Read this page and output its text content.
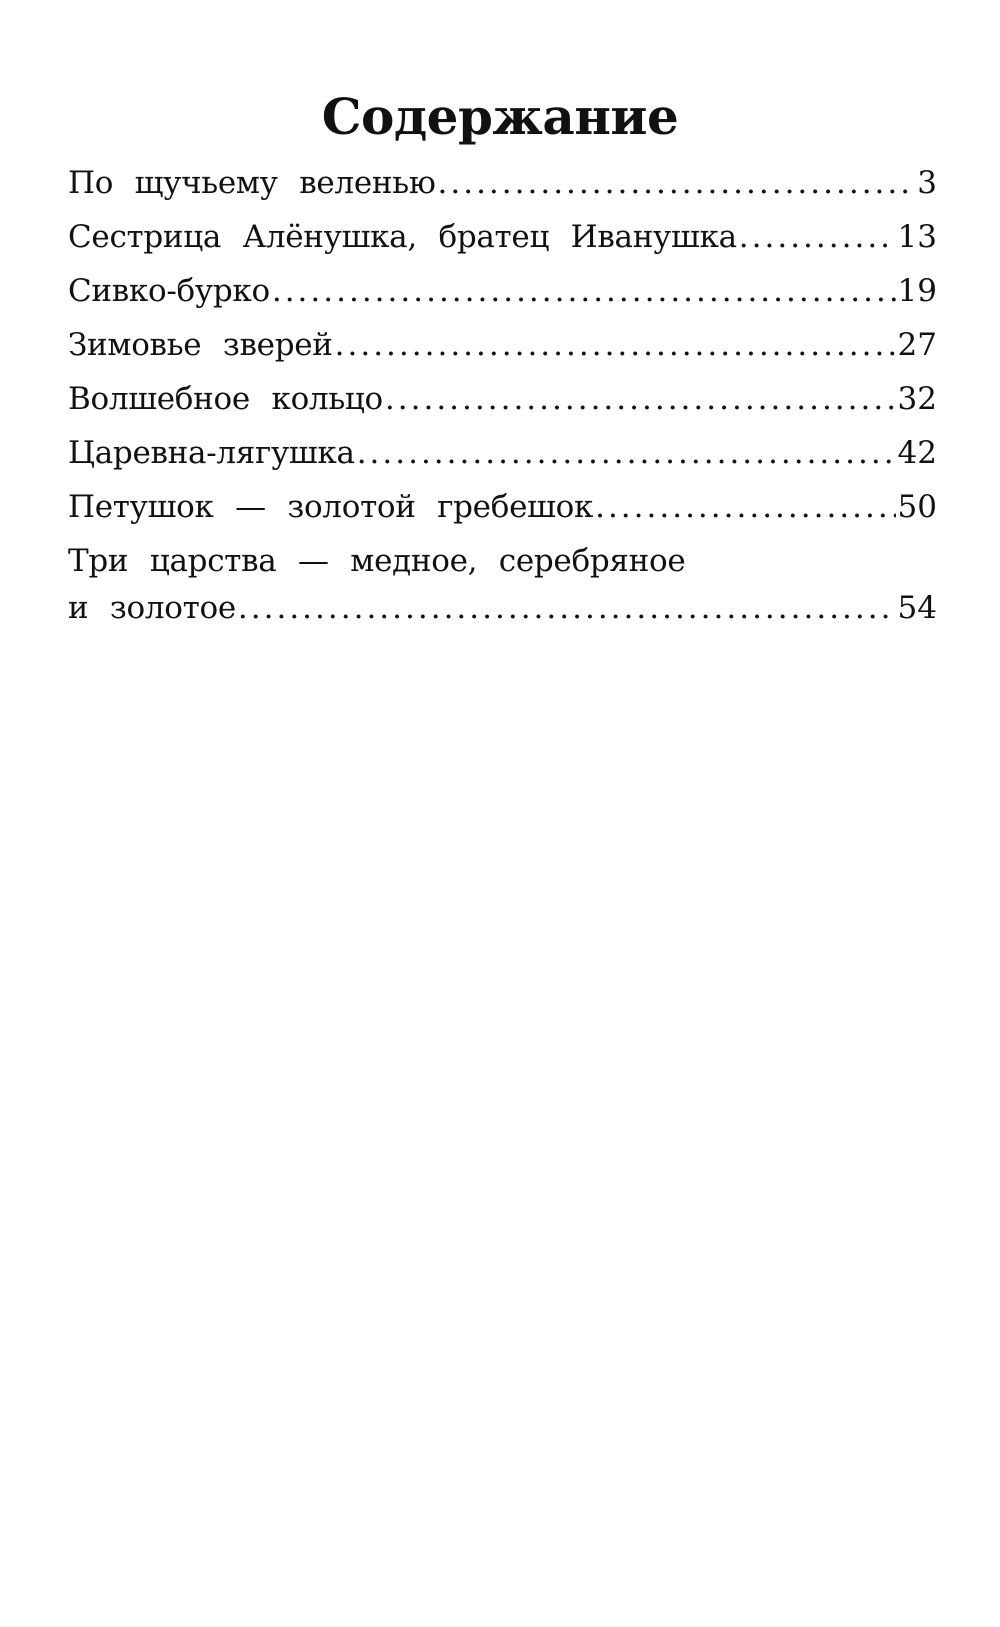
Содержание
По щучьему веленью .....	3
Сестрица Алёнушка, братец Иванушка .....	13
Сивко-бурко .....	19
Зимовье зверей .....	27
Волшебное кольцо .....	32
Царевна-лягушка .....	42
Петушок — золотой гребешок .....	50
Три царства — медное, серебряное
и золотое .....	54
